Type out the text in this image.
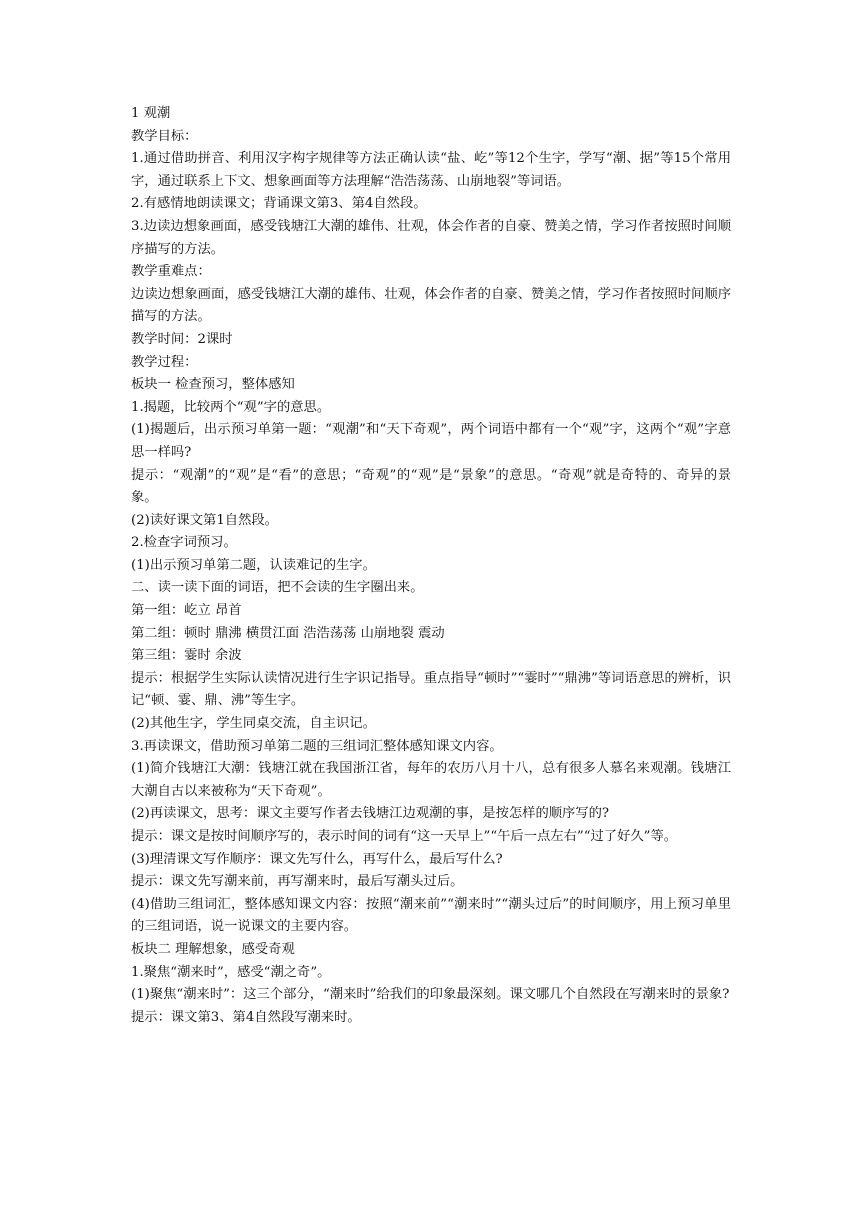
1 观潮
教学目标：
1.通过借助拼音、利用汉字构字规律等方法正确认读“盐、屹”等12个生字，学写“潮、据”等15个常用字，通过联系上下文、想象画面等方法理解“浩浩荡荡、山崩地裂”等词语。
2.有感情地朗读课文；背诵课文第3、第4自然段。
3.边读边想象画面，感受钱塘江大潮的雄伟、壮观，体会作者的自豪、赞美之情，学习作者按照时间顺序描写的方法。
教学重难点：
边读边想象画面，感受钱塘江大潮的雄伟、壮观，体会作者的自豪、赞美之情，学习作者按照时间顺序描写的方法。
教学时间：2课时
教学过程：
板块一 检查预习，整体感知
1.揭题，比较两个“观”字的意思。
(1)揭题后，出示预习单第一题：“观潮”和“天下奇观”，两个词语中都有一个“观”字，这两个“观”字意思一样吗?
提示：“观潮”的“观”是“看”的意思；“奇观”的“观”是“景象”的意思。“奇观”就是奇特的、奇异的景象。
(2)读好课文第1自然段。
2.检查字词预习。
(1)出示预习单第二题，认读难记的生字。
二、读一读下面的词语，把不会读的生字圈出来。
第一组：屹立 昂首
第二组：顿时 鼎沸 横贯江面 浩浩荡荡 山崩地裂 震动
第三组：霎时 余波
提示：根据学生实际认读情况进行生字识记指导。重点指导“顿时”“霎时”“鼎沸”等词语意思的辨析，识记“顿、霎、鼎、沸”等生字。
(2)其他生字，学生同桌交流，自主识记。
3.再读课文，借助预习单第二题的三组词汇整体感知课文内容。
(1)简介钱塘江大潮：钱塘江就在我国浙江省，每年的农历八月十八，总有很多人慕名来观潮。钱塘江大潮自古以来被称为“天下奇观”。
(2)再读课文，思考：课文主要写作者去钱塘江边观潮的事，是按怎样的顺序写的?
提示：课文是按时间顺序写的，表示时间的词有“这一天早上”“午后一点左右”“过了好久”等。
(3)理清课文写作顺序：课文先写什么，再写什么，最后写什么?
提示：课文先写潮来前，再写潮来时，最后写潮头过后。
(4)借助三组词汇，整体感知课文内容：按照“潮来前”“潮来时”“潮头过后”的时间顺序，用上预习单里的三组词语，说一说课文的主要内容。
板块二 理解想象，感受奇观
1.聚焦“潮来时”，感受“潮之奇”。
(1)聚焦“潮来时”：这三个部分，“潮来时”给我们的印象最深刻。课文哪几个自然段在写潮来时的景象?
提示：课文第3、第4自然段写潮来时。
